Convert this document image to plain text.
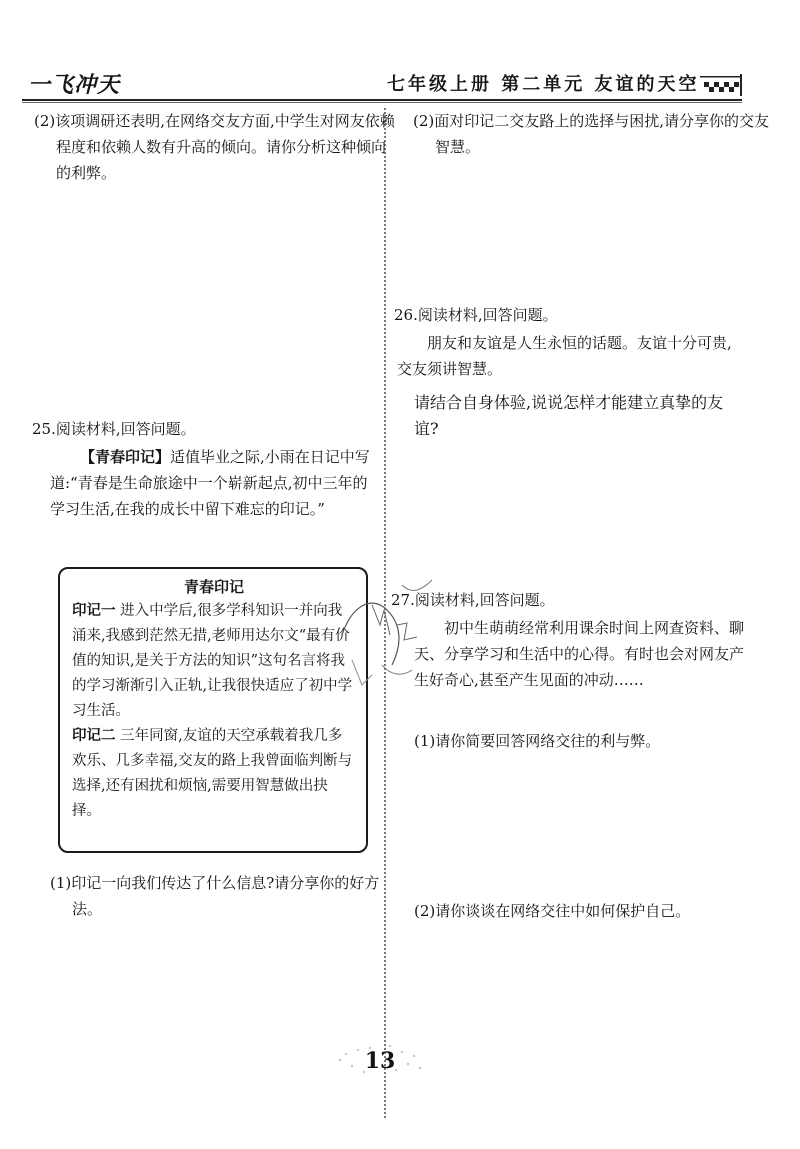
一飞冲天	七年级上册 第二单元 友谊的天空

(2)该项调研还表明,在网络交友方面,中学生对网友依赖程度和依赖人数有升高的倾向。请你分析这种倾向的利弊。

25.阅读材料,回答问题。

【青春印记】适值毕业之际,小雨在日记中写道:“青春是生命旅途中一个崭新起点,初中三年的学习生活,在我的成长中留下难忘的印记。”

青春印记

印记一 进入中学后,很多学科知识一并向我涌来,我感到茫然无措,老师用达尔文“最有价值的知识,是关于方法的知识”这句名言将我的学习渐渐引入正轨,让我很快适应了初中学习生活。

印记二 三年同窗,友谊的天空承载着我几多欢乐、几多幸福,交友的路上我曾面临判断与选择,还有困扰和烦恼,需要用智慧做出抉择。

(1)印记一向我们传达了什么信息?请分享你的好方法。

(2)面对印记二交友路上的选择与困扰,请分享你的交友智慧。

26.阅读材料,回答问题。

朋友和友谊是人生永恒的话题。友谊十分可贵,交友须讲智慧。

请结合自身体验,说说怎样才能建立真挚的友谊?

27.阅读材料,回答问题。

初中生萌萌经常利用课余时间上网查资料、聊天、分享学习和生活中的心得。有时也会对网友产生好奇心,甚至产生见面的冲动……

(1)请你简要回答网络交往的利与弊。

(2)请你谈谈在网络交往中如何保护自己。

13
